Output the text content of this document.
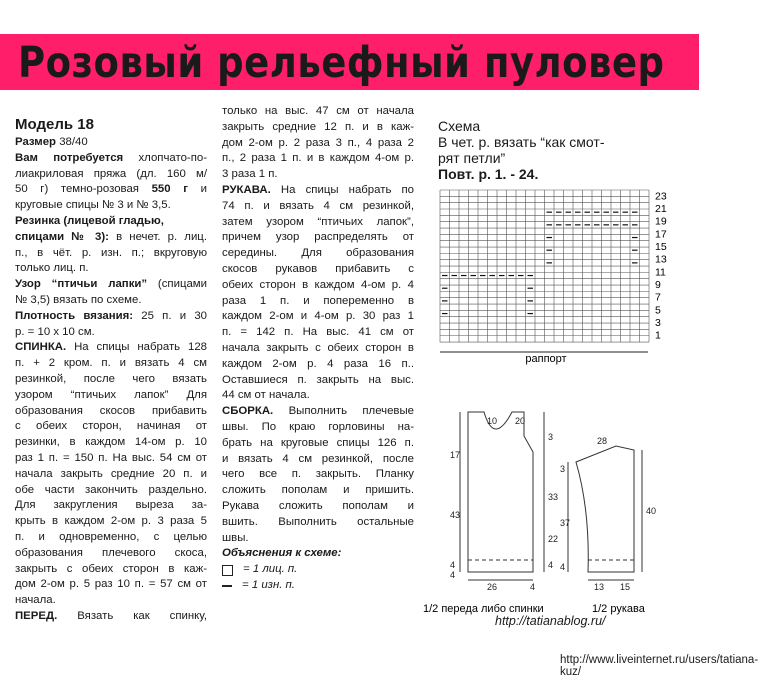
Розовый рельефный пуловер
Модель 18

Размер 38/40

Вам потребуется хлопчато-по-

лиакриловая пряжа (дл. 160 м/

50 г) темно-розовая 550 г и

круговые спицы № 3 и № 3,5.

Резинка (лицевой гладью,

спицами № 3): в нечет. р. лиц.

п., в чёт. р. изн. п.; вкруговую

только лиц. п.

Узор “птичьи лапки” (спицами

№ 3,5) вязать по схеме.

Плотность вязания: 25 п. и 30

р. = 10 х 10 см.

СПИНКА. На спицы набрать 128

п. + 2 кром. п. и вязать 4 см

резинкой, после чего вязать

узором “птичьих лапок” Для

образования скосов прибавить

с обеих сторон, начиная от

резинки, в каждом 14-ом р. 10

раз 1 п. = 150 п. На выс. 54 см от

начала закрыть средние 20 п. и

обе части закончить раздельно.

Для закругления выреза за-

крыть в каждом 2-ом р. 3 раза 5

п. и одновременно, с целью

образования плечевого скоса,

закрыть с обеих сторон в каж-

дом 2-ом р. 5 раз 10 п. = 57 см от

начала.

ПЕРЕД. Вязать как спинку,

только на выс. 47 см от начала

закрыть средние 12 п. и в каж-

дом 2-ом р. 2 раза 3 п., 4 раза 2

п., 2 раза 1 п. и в каждом 4-ом р.

3 раза 1 п.

РУКАВА. На спицы набрать по

74 п. и вязать 4 см резинкой,

затем узором “птичьих лапок”,

причем узор распределять от

середины. Для образования

скосов рукавов прибавить с

обеих сторон в каждом 4-ом р. 4

раза 1 п. и попеременно в

каждом 2-ом и 4-ом р. 30 раз 1

п. = 142 п. На выс. 41 см от

начала закрыть с обеих сторон в

каждом 2-ом р. 4 раза 16 п..

Оставшиеся п. закрыть на выс.

44 см от начала.

СБОРКА. Выполнить плечевые

швы. По краю горловины на-

брать на круговые спицы 126 п.

и вязать 4 см резинкой, после

чего все п. закрыть. Планку

сложить пополам и пришить.

Рукава сложить пополам и

вшить. Выполнить остальные

швы.

Объяснения к схеме:

= 1 лиц. п.

= 1 изн. п.

Схема
В чет. р. вязать “как смот-
рят петли”
Повт. р. 1. - 24.
23
21
19
17
15
13
11
9
7
5
3
1
раппорт
10 20
17
43
3
33
22
4
26	4
4
4
28
3
37
4
40
13 15
1/2 переда либо спинки	1/2 рукава
http://tatianablog.ru/
http://www.liveinternet.ru/users/tatiana-kuz/
